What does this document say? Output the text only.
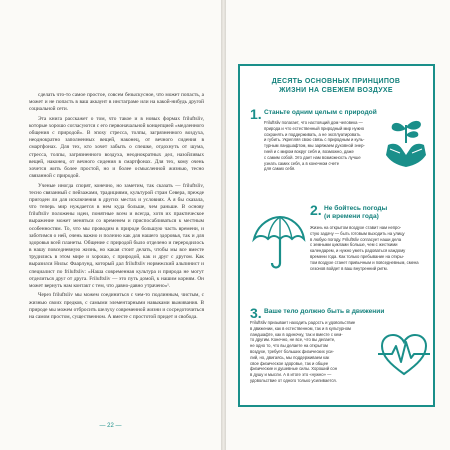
сделать что-то самое простое, совсем безыскусное, что может попасть, а может и не попасть в ваш аккаунт в инстаграме или на какой-нибудь другой социальной сети.

Эта книга расскажет о том, что такое и в новых формах friluftsliv, которые хорошо согласуются с его первоначальной концепцией «медленного общения с природой». В эпоху стресса, толпы, загрязненного воздуха, неоднократно заполненных вещей, наконец, от вечного сидения в смартфонах. Для тех, кто хочет забыть о спешке, отдохнуть от шума, стресса, толпы, загрязненного воздуха, неоднократных дел, назойливых вещей, наконец, от вечного сидения в смартфонах. Для тех, кому очень хочется жить более простой, но и более осмысленной жизнью, тесно связанной с природой.

Ученые иногда спорят, конечно, но заметим, так сказать — friluftsliv, тесно связанный с пейзажами, традициями, культурой стран Севера, прежде пригоден ли для исключения в других местах и условиях. А я бы сказала, что теперь мир нуждается в нем куда больше, чем раньше. В основу friluftsliv положены идеи, понятные всем и всегда, хотя их практическое выражение может меняться со временем и приспосабливаться к местным особенностям. То, что мы проводим в природе большую часть времени, и заботимся о ней, очень важно и полезно как для нашего здоровья, так и для здоровья всей планеты. Общение с природой было отделено и переродилось в нашу повседневную жизнь, но какая стоит делать, чтобы мы все вместе трудились в этом мире и хорошо, с природой, как и друг с другом. Как выразился Нильс Фаарлунд, который дал friluftsliv норвежский альпинист и специалист по friluftsliv: «Наша современная культура и природа не могут отделиться друг от друга. Friluftsliv — это путь домой, к нашим корням. Он может вернуть нам контакт с тем, что давно-давно утрачено»¹.

Через friluftsliv мы можем соединиться с чем-то подлинным, чистым, с жизнью своих предков, с самыми элементарными навыками выживания. В природе мы можем отбросить шелуху современной жизни и сосредоточиться на самом простом, существенном. А вместе с простотой придет и свобода.

— 22 —
ДЕСЯТЬ ОСНОВНЫХ ПРИНЦИПОВ
ЖИЗНИ НА СВЕЖЕМ ВОЗДУХЕ
1. Станьте одним целым с природой
Friluftsliv полагает, что настоящий дом человека —
природа и что естественный природный мир нужно
сохранять и поддерживать, а не эксплуатировать
и губить. Укрепляя свою связь с природным и куль-
турным ландшафтом, мы заряжаем духовной энер-
гией и с миром вокруг себя и, возможно, даже
с самим собой. Это дает нам возможность лучше
узнать самих себя, а в конечном счете
для самих себя.
2. Не бойтесь погоды
(и времени года)
Жизнь на открытом воздухе ставит нам непро-
стую задачу — быть готовым выходить на улицу
в любую погоду. Friluftsliv согласует наши дела
с земными циклами больше, чем с жесткими
календарем, и нужно уметь радоваться каждому
времени года. Как только пребывание на откры-
том воздухе станет привычным и повседневным, смена
сезонов войдет в ваш внутренний ритм.
3. Ваше тело должно быть в движении
Friluftsliv призывает находить радость и удовольствие
в движении, как в естественном, так и в культурном
ландшафте, как в одиночку, так и вместе с кем-
то другим. Конечно, не все, что вы делаете,
не одно то, что вы делаете на открытом
воздухе, требует больших физических уси-
лий, но, двигаясь, мы поддерживаем как
свое физическое здоровье, так и общее
физические и душевные силы. Хороший сон
в душу и мысли. А в итоге это «нужно» —
удовольствие от одного только усиливается.
